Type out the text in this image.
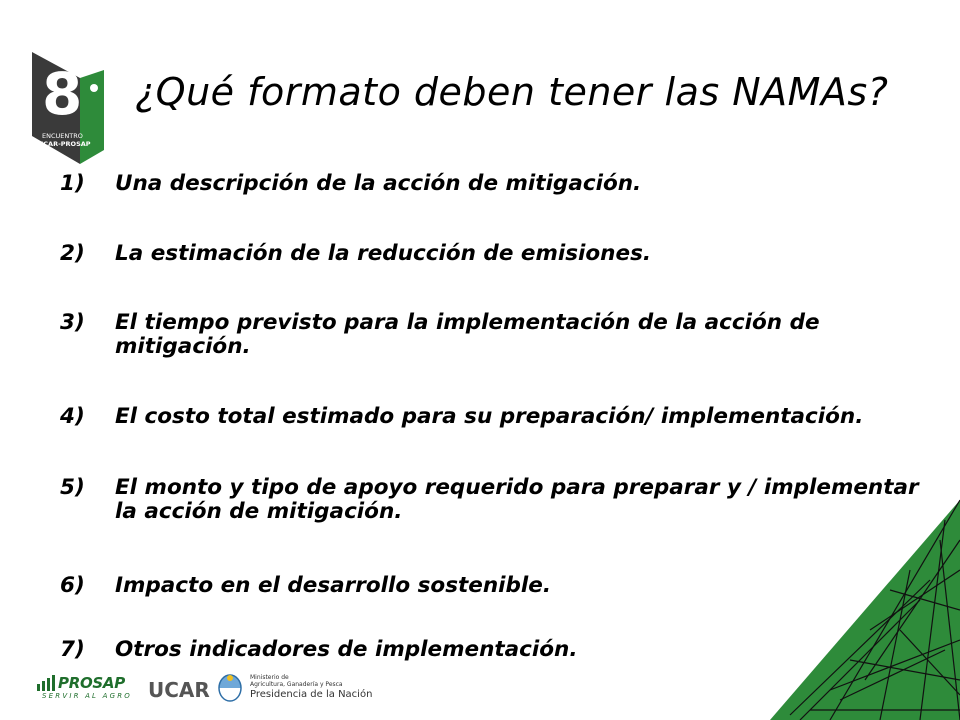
8
ENCUENTRO
UCAR-PROSAP
¿Qué formato deben tener las NAMAs?
1)	Una descripción de la acción de mitigación.
2)	La estimación de la reducción de emisiones.
3)	El tiempo previsto para la implementación de la acción de mitigación.
4)	El costo total estimado para su preparación/ implementación.
5)	El monto y tipo de apoyo requerido para preparar y / implementar la acción de mitigación.
6)	Impacto en el desarrollo sostenible.
7)	Otros indicadores de implementación.
PROSAP
SERVIR AL AGRO UCAR
Ministerio de
Agricultura, Ganadería y Pesca
Presidencia de la Nación
